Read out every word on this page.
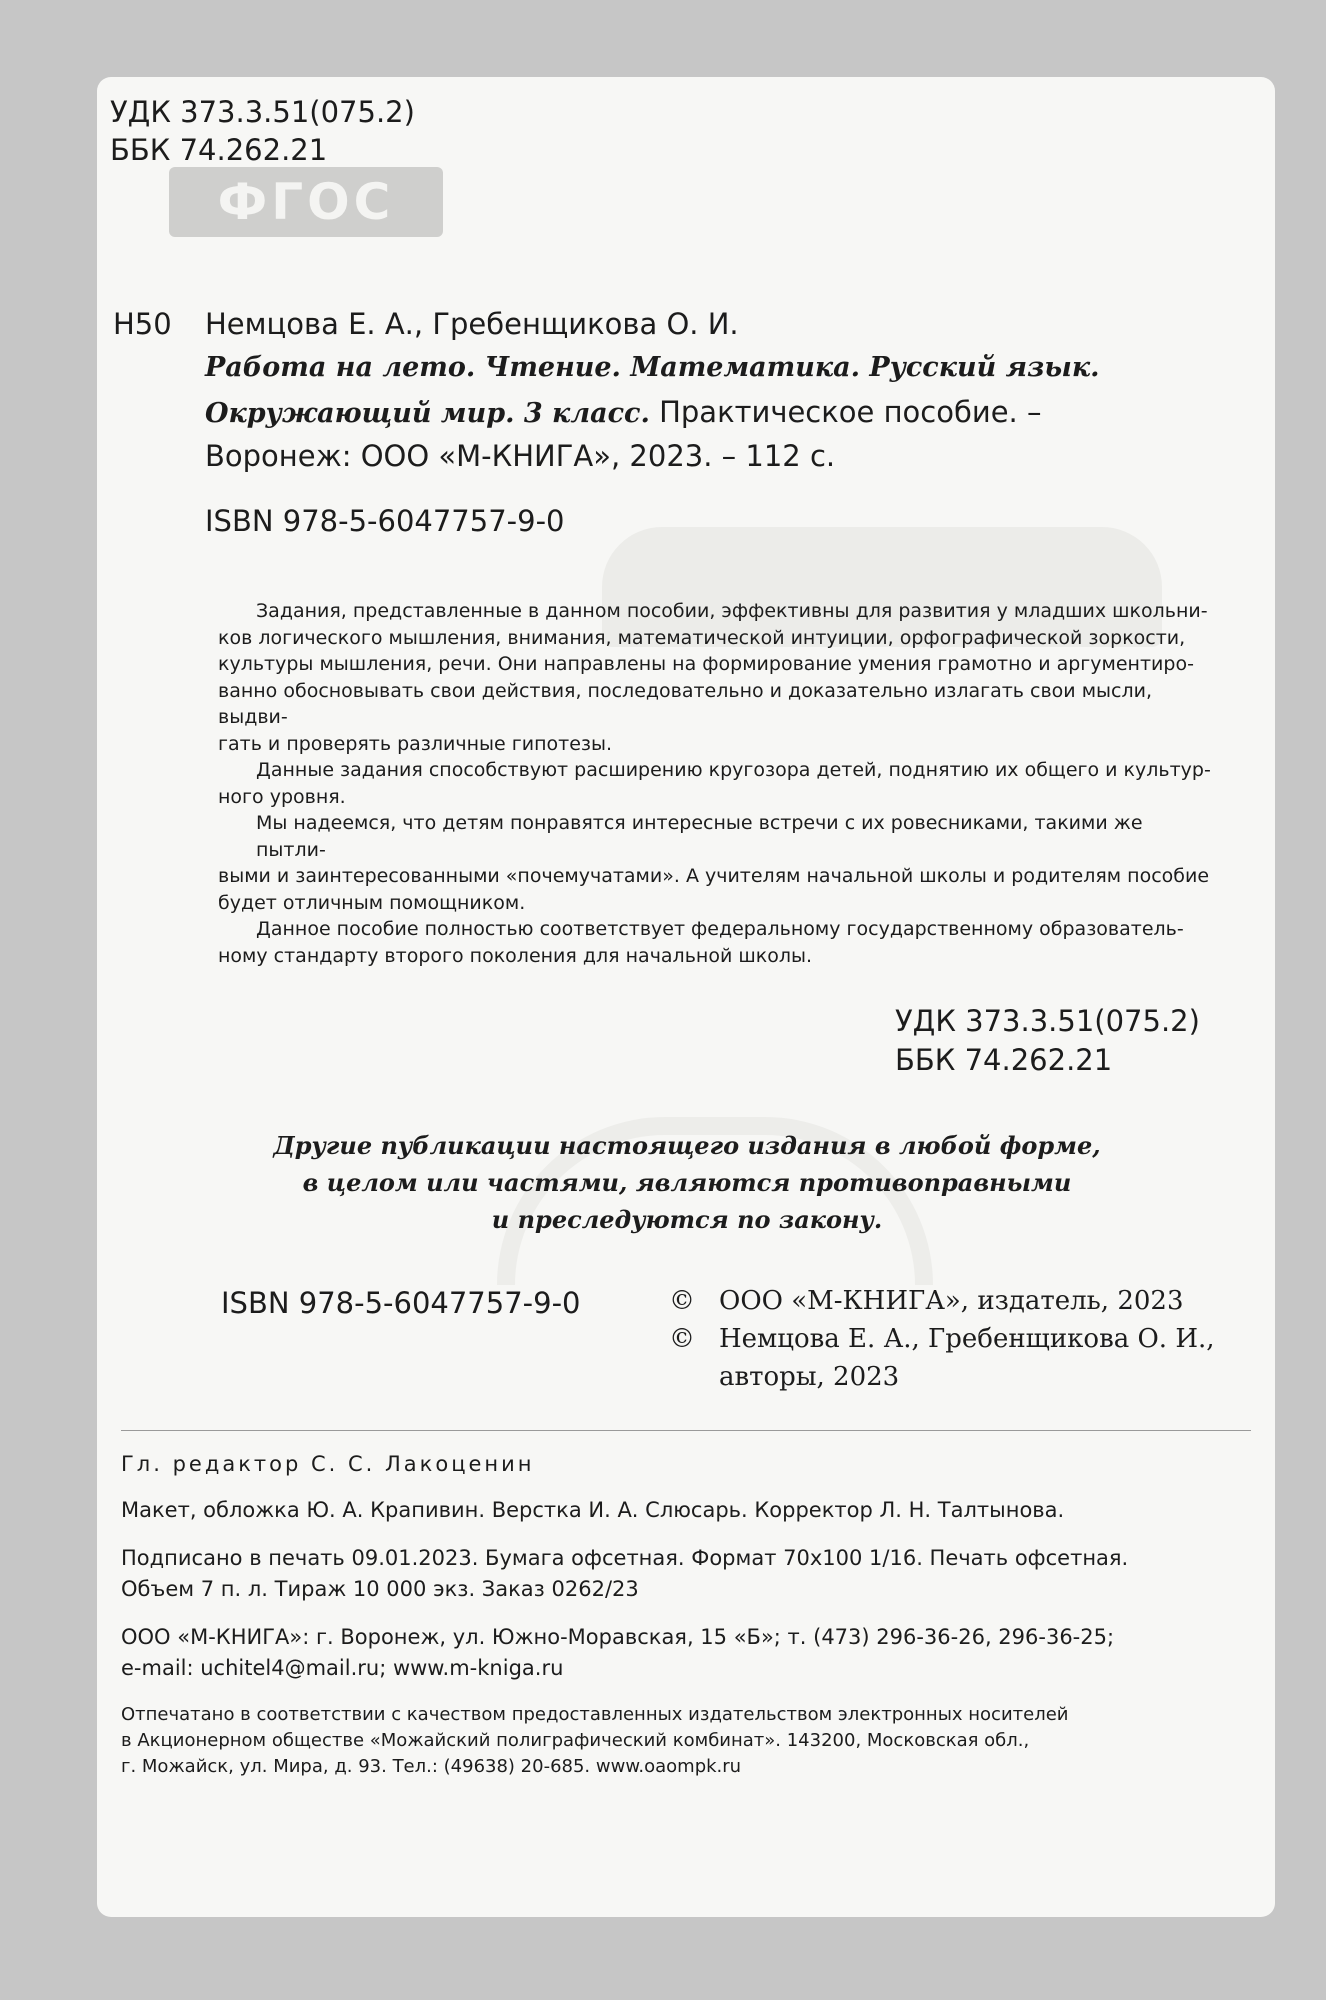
УДК 373.3.51(075.2)
ББК 74.262.21
ФГОС
Н50 Немцова Е. А., Гребенщикова О. И.
Работа на лето. Чтение. Математика. Русский язык.
Окружающий мир. 3 класс. Практическое пособие. –
Воронеж: ООО «М-КНИГА», 2023. – 112 с.
ISBN 978-5-6047757-9-0

Задания, представленные в данном пособии, эффективны для развития у младших школьни-
ков логического мышления, внимания, математической интуиции, орфографической зоркости,
культуры мышления, речи. Они направлены на формирование умения грамотно и аргументиро-
ванно обосновывать свои действия, последовательно и доказательно излагать свои мысли, выдви-
гать и проверять различные гипотезы.

Данные задания способствуют расширению кругозора детей, поднятию их общего и культур-
ного уровня.

Мы надеемся, что детям понравятся интересные встречи с их ровесниками, такими же пытли-
выми и заинтересованными «почемучатами». А учителям начальной школы и родителям пособие
будет отличным помощником.

Данное пособие полностью соответствует федеральному государственному образователь-
ному стандарту второго поколения для начальной школы.

УДК 373.3.51(075.2)
ББК 74.262.21
Другие публикации настоящего издания в любой форме,
в целом или частями, являются противоправными
и преследуются по закону.
ISBN 978-5-6047757-9-0	© ООО «М-КНИГА», издатель, 2023
© Немцова Е. А., Гребенщикова О. И.,
авторы, 2023
Гл. редактор С. С. Лакоценин
Макет, обложка Ю. А. Крапивин. Верстка И. А. Слюсарь. Корректор Л. Н. Талтынова.
Подписано в печать 09.01.2023. Бумага офсетная. Формат 70x100 1/16. Печать офсетная.
Объем 7 п. л. Тираж 10 000 экз. Заказ 0262/23
ООО «М-КНИГА»: г. Воронеж, ул. Южно-Моравская, 15 «Б»; т. (473) 296-36-26, 296-36-25;
e-mail: uchitel4@mail.ru; www.m-kniga.ru
Отпечатано в соответствии с качеством предоставленных издательством электронных носителей
в Акционерном обществе «Можайский полиграфический комбинат». 143200, Московская обл.,
г. Можайск, ул. Мира, д. 93. Тел.: (49638) 20-685. www.oaompk.ru
